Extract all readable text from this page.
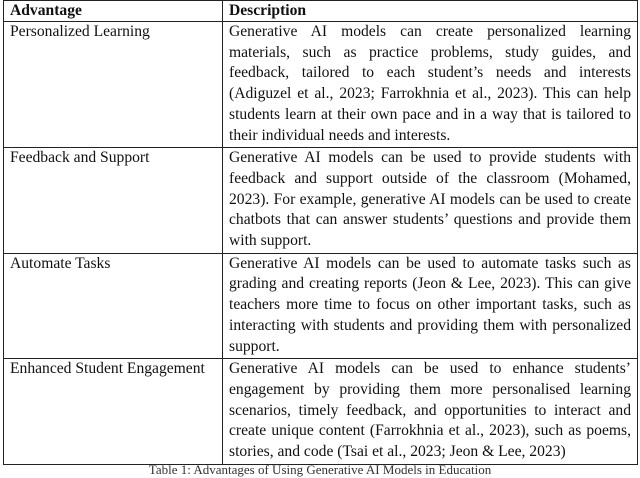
Advantage	Description
Personalized Learning	Generative AI models can create personalized learning materials, such as practice problems, study guides, and feedback, tailored to each student’s needs and interests (Adiguzel et al., 2023; Farrokhnia et al., 2023). This can help students learn at their own pace and in a way that is tailored to their individual needs and interests.
Feedback and Support	Generative AI models can be used to provide students with feedback and support outside of the classroom (Mohamed, 2023). For example, generative AI models can be used to create chatbots that can answer students’ questions and provide them with support.
Automate Tasks	Generative AI models can be used to automate tasks such as grading and creating reports (Jeon & Lee, 2023). This can give teachers more time to focus on other important tasks, such as interacting with students and providing them with personalized support.
Enhanced Student Engagement	Generative AI models can be used to enhance students’ engagement by providing them more personalised learning scenarios, timely feedback, and opportunities to interact and create unique content (Farrokhnia et al., 2023), such as poems, stories, and code (Tsai et al., 2023; Jeon & Lee, 2023)
Table 1: Advantages of Using Generative AI Models in Education
